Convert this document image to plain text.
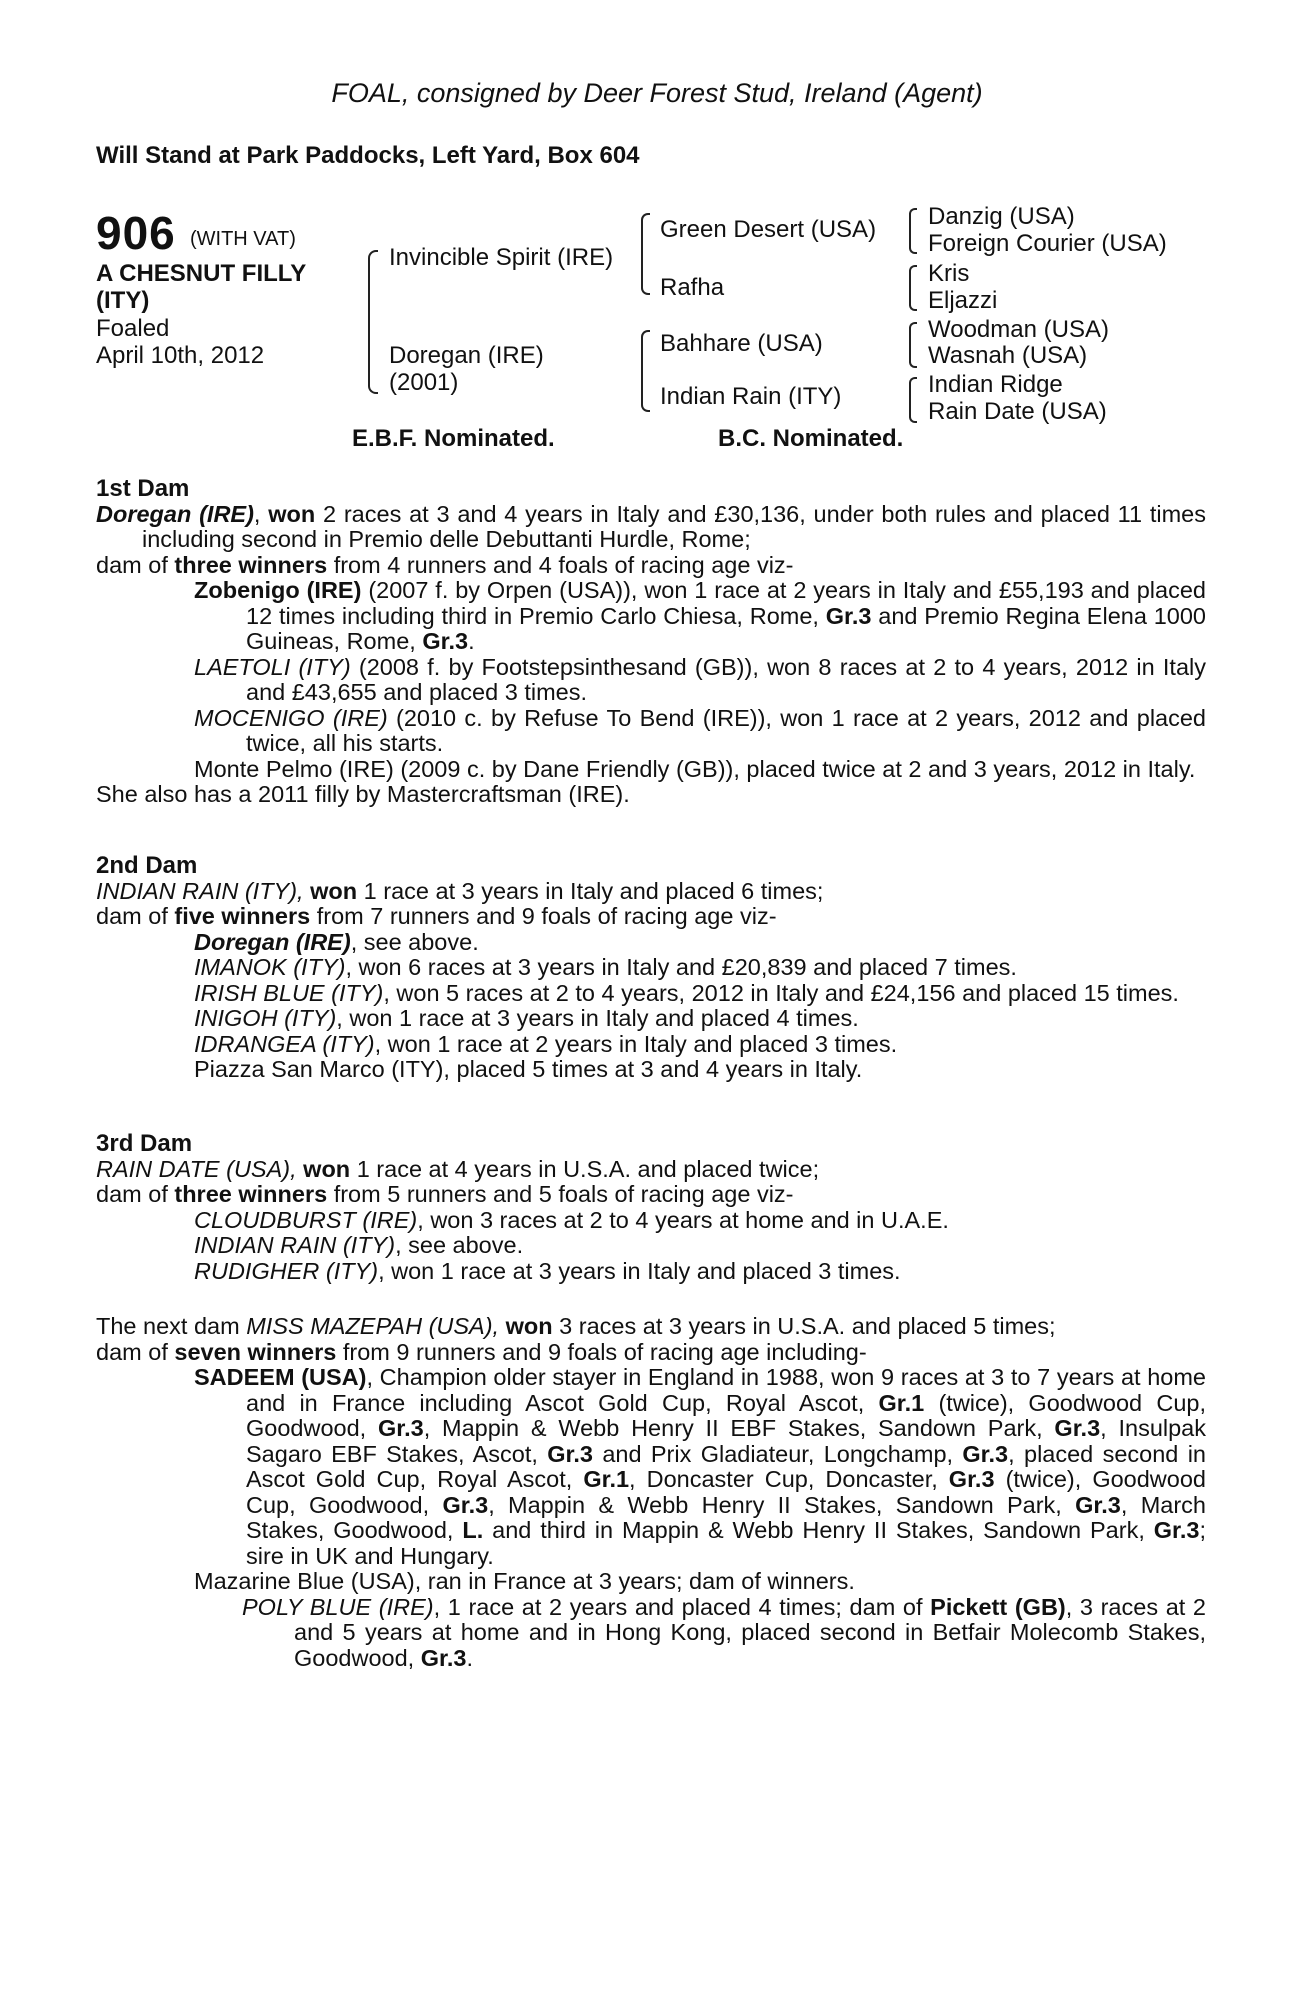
FOAL, consigned by Deer Forest Stud, Ireland (Agent)
Will Stand at Park Paddocks, Left Yard, Box 604
906 (WITH VAT)
A CHESNUT FILLY
(ITY)
Foaled
April 10th, 2012
Invincible Spirit (IRE)
Doregan (IRE)
(2001)
Green Desert (USA)
Rafha
Bahhare (USA)
Indian Rain (ITY)
Danzig (USA)
Foreign Courier (USA)
Kris
Eljazzi
Woodman (USA)
Wasnah (USA)
Indian Ridge
Rain Date (USA)
E.B.F. Nominated.	B.C. Nominated.

1st Dam

Doregan (IRE), won 2 races at 3 and 4 years in Italy and £30,136, under both rules and placed 11 times including second in Premio delle Debuttanti Hurdle, Rome;

dam of three winners from 4 runners and 4 foals of racing age viz-

Zobenigo (IRE) (2007 f. by Orpen (USA)), won 1 race at 2 years in Italy and £55,193 and placed 12 times including third in Premio Carlo Chiesa, Rome, Gr.3 and Premio Regina Elena 1000 Guineas, Rome, Gr.3.

LAETOLI (ITY) (2008 f. by Footstepsinthesand (GB)), won 8 races at 2 to 4 years, 2012 in Italy and £43,655 and placed 3 times.

MOCENIGO (IRE) (2010 c. by Refuse To Bend (IRE)), won 1 race at 2 years, 2012 and placed twice, all his starts.

Monte Pelmo (IRE) (2009 c. by Dane Friendly (GB)), placed twice at 2 and 3 years, 2012 in Italy.

She also has a 2011 filly by Mastercraftsman (IRE).

2nd Dam

INDIAN RAIN (ITY), won 1 race at 3 years in Italy and placed 6 times;

dam of five winners from 7 runners and 9 foals of racing age viz-

Doregan (IRE), see above.

IMANOK (ITY), won 6 races at 3 years in Italy and £20,839 and placed 7 times.

IRISH BLUE (ITY), won 5 races at 2 to 4 years, 2012 in Italy and £24,156 and placed 15 times.

INIGOH (ITY), won 1 race at 3 years in Italy and placed 4 times.

IDRANGEA (ITY), won 1 race at 2 years in Italy and placed 3 times.

Piazza San Marco (ITY), placed 5 times at 3 and 4 years in Italy.

3rd Dam

RAIN DATE (USA), won 1 race at 4 years in U.S.A. and placed twice;

dam of three winners from 5 runners and 5 foals of racing age viz-

CLOUDBURST (IRE), won 3 races at 2 to 4 years at home and in U.A.E.

INDIAN RAIN (ITY), see above.

RUDIGHER (ITY), won 1 race at 3 years in Italy and placed 3 times.

The next dam MISS MAZEPAH (USA), won 3 races at 3 years in U.S.A. and placed 5 times;

dam of seven winners from 9 runners and 9 foals of racing age including-

SADEEM (USA), Champion older stayer in England in 1988, won 9 races at 3 to 7 years at home and in France including Ascot Gold Cup, Royal Ascot, Gr.1 (twice), Goodwood Cup, Goodwood, Gr.3, Mappin & Webb Henry II EBF Stakes, Sandown Park, Gr.3, Insulpak Sagaro EBF Stakes, Ascot, Gr.3 and Prix Gladiateur, Longchamp, Gr.3, placed second in Ascot Gold Cup, Royal Ascot, Gr.1, Doncaster Cup, Doncaster, Gr.3 (twice), Goodwood Cup, Goodwood, Gr.3, Mappin & Webb Henry II Stakes, Sandown Park, Gr.3, March Stakes, Goodwood, L. and third in Mappin & Webb Henry II Stakes, Sandown Park, Gr.3; sire in UK and Hungary.

Mazarine Blue (USA), ran in France at 3 years; dam of winners.

POLY BLUE (IRE), 1 race at 2 years and placed 4 times; dam of Pickett (GB), 3 races at 2 and 5 years at home and in Hong Kong, placed second in Betfair Molecomb Stakes, Goodwood, Gr.3.
